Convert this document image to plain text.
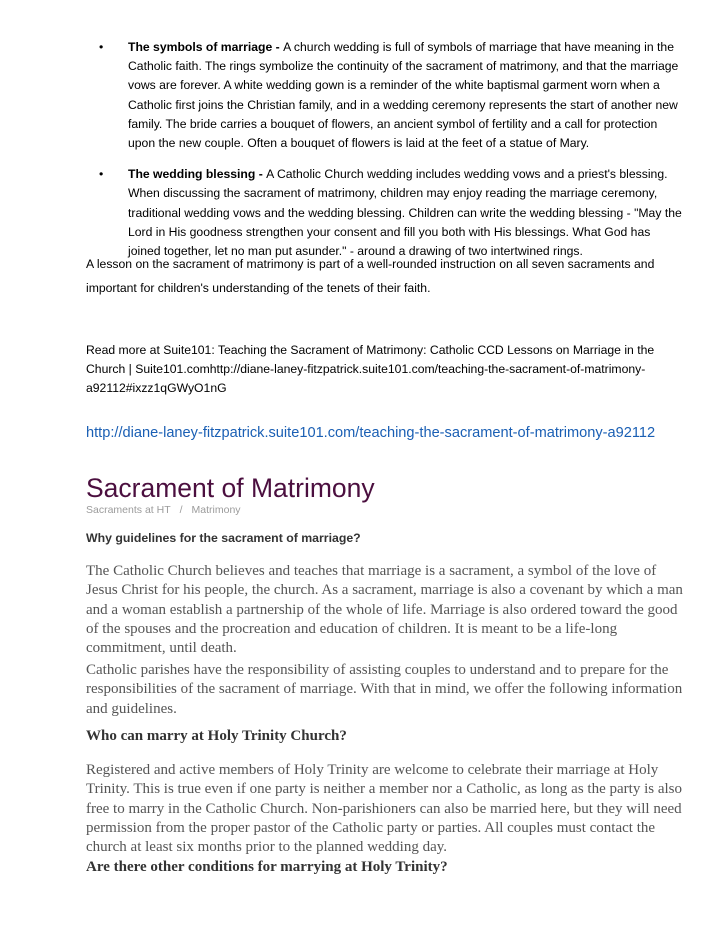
• The symbols of marriage - A church wedding is full of symbols of marriage that have meaning in the Catholic faith. The rings symbolize the continuity of the sacrament of matrimony, and that the marriage vows are forever. A white wedding gown is a reminder of the white baptismal garment worn when a Catholic first joins the Christian family, and in a wedding ceremony represents the start of another new family. The bride carries a bouquet of flowers, an ancient symbol of fertility and a call for protection upon the new couple. Often a bouquet of flowers is laid at the feet of a statue of Mary.
• The wedding blessing - A Catholic Church wedding includes wedding vows and a priest's blessing. When discussing the sacrament of matrimony, children may enjoy reading the marriage ceremony, traditional wedding vows and the wedding blessing. Children can write the wedding blessing - "May the Lord in His goodness strengthen your consent and fill you both with His blessings. What God has joined together, let no man put asunder." - around a drawing of two intertwined rings.
A lesson on the sacrament of matrimony is part of a well-rounded instruction on all seven sacraments and important for children's understanding of the tenets of their faith.
Read more at Suite101: Teaching the Sacrament of Matrimony: Catholic CCD Lessons on Marriage in the Church | Suite101.comhttp://diane-laney-fitzpatrick.suite101.com/teaching-the-sacrament-of-matrimony-a92112#ixzz1qGWyO1nG
http://diane-laney-fitzpatrick.suite101.com/teaching-the-sacrament-of-matrimony-a92112
Sacrament of Matrimony
Sacraments at HT / Matrimony
Why guidelines for the sacrament of marriage?

The Catholic Church believes and teaches that marriage is a sacrament, a symbol of the love of Jesus Christ for his people, the church. As a sacrament, marriage is also a covenant by which a man and a woman establish a partnership of the whole of life. Marriage is also ordered toward the good of the spouses and the procreation and education of children. It is meant to be a life-long commitment, until death.

Catholic parishes have the responsibility of assisting couples to understand and to prepare for the responsibilities of the sacrament of marriage. With that in mind, we offer the following information and guidelines.

Who can marry at Holy Trinity Church?

Registered and active members of Holy Trinity are welcome to celebrate their marriage at Holy Trinity. This is true even if one party is neither a member nor a Catholic, as long as the party is also free to marry in the Catholic Church. Non-parishioners can also be married here, but they will need permission from the proper pastor of the Catholic party or parties. All couples must contact the church at least six months prior to the planned wedding day.

Are there other conditions for marrying at Holy Trinity?
